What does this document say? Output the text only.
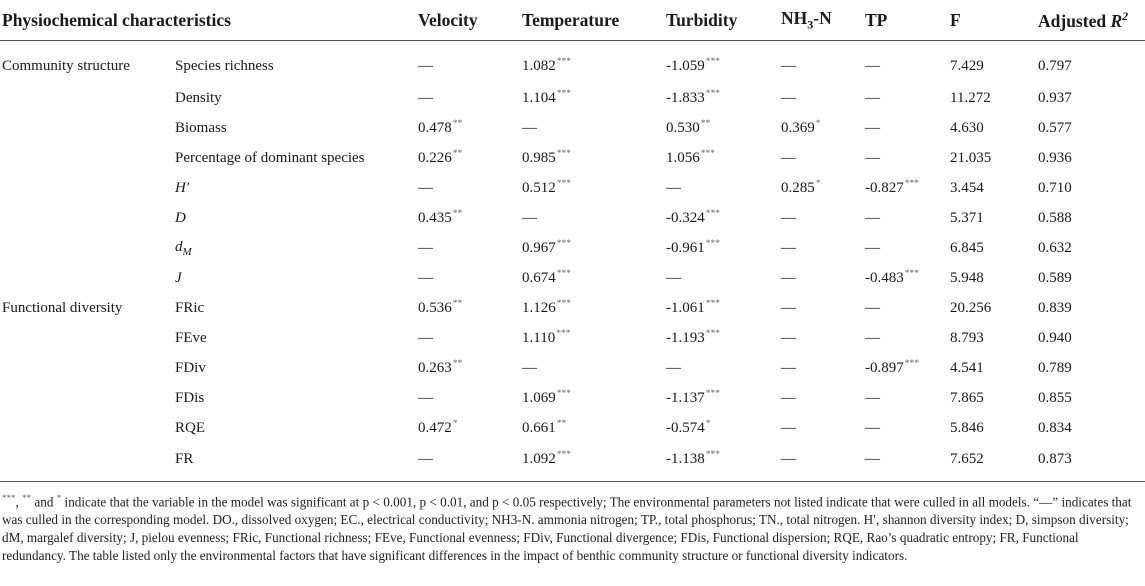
Physiochemical characteristics		Velocity	Temperature	Turbidity	$NH_3-N$	TP	F	Adjusted $R^2$
Community structure	Species richness	—	1.082***	-1.059***	—	—	7.429	0.797
	Density	—	1.104***	-1.833***	—	—	11.272	0.937
	Biomass	0.478**	—	0.530**	0.369*	—	4.630	0.577
	Percentage of dominant species	0.226**	0.985***	1.056***	—	—	21.035	0.936
	H′	—	0.512***	—	0.285*	-0.827***	3.454	0.710
	D	0.435**	—	-0.324***	—	—	5.371	0.588
	$d_M$	—	0.967***	-0.961***	—	—	6.845	0.632
	J	—	0.674***	—	—	-0.483***	5.948	0.589
Functional diversity	FRic	0.536**	1.126***	-1.061***	—	—	20.256	0.839
	FEve	—	1.110***	-1.193***	—	—	8.793	0.940
	FDiv	0.263**	—	—	—	-0.897***	4.541	0.789
	FDis	—	1.069***	-1.137***	—	—	7.865	0.855
	RQE	0.472*	0.661**	-0.574*	—	—	5.846	0.834
	FR	—	1.092***	-1.138***	—	—	7.652	0.873

***, ** and * indicate that the variable in the model was significant at p < 0.001, p < 0.01, and p < 0.05 respectively; The environmental parameters not listed indicate that were culled in all models. “—” indicates that was culled in the corresponding model. DO., dissolved oxygen; EC., electrical conductivity; NH3-N. ammonia nitrogen; TP., total phosphorus; TN., total nitrogen. H′, shannon diversity index; D, simpson diversity; dM, margalef diversity; J, pielou evenness; FRic, Functional richness; FEve, Functional evenness; FDiv, Functional divergence; FDis, Functional dispersion; RQE, Rao’s quadratic entropy; FR, Functional redundancy. The table listed only the environmental factors that have significant differences in the impact of benthic community structure or functional diversity indicators.
